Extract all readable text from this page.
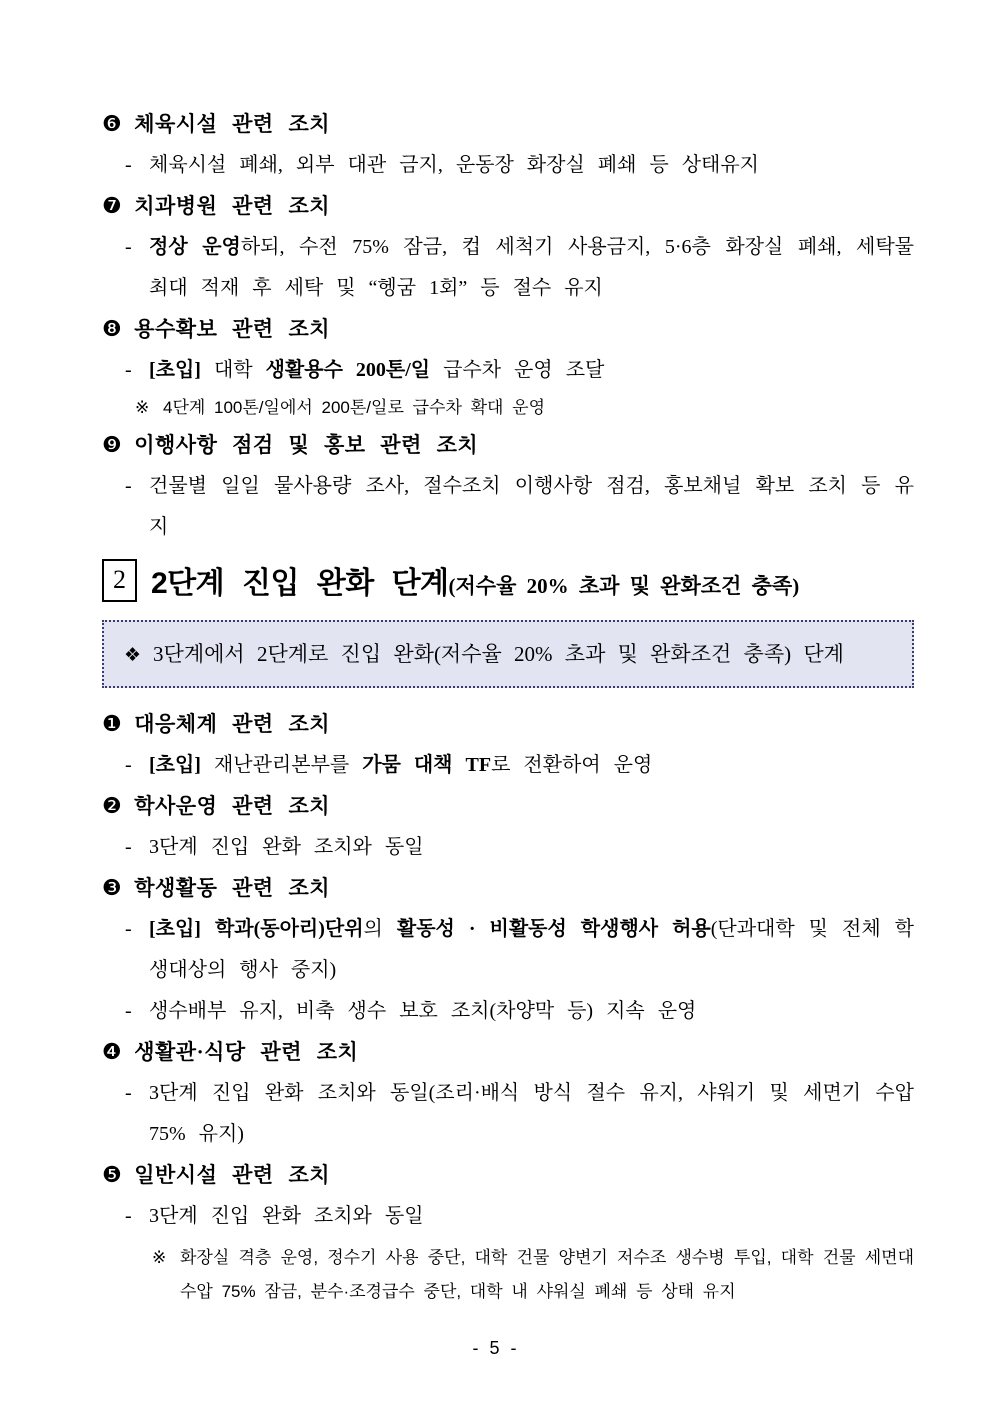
❻ 체육시설 관련 조치
- 체육시설 폐쇄, 외부 대관 금지, 운동장 화장실 폐쇄 등 상태유지
❼ 치과병원 관련 조치
- 정상 운영하되, 수전 75% 잠금, 컵 세척기 사용금지, 5·6층 화장실 폐쇄, 세탁물 최대 적재 후 세탁 및 “헹굼 1회” 등 절수 유지
❽ 용수확보 관련 조치
- [초입] 대학 생활용수 200톤/일 급수차 운영 조달
※ 4단계 100톤/일에서 200톤/일로 급수차 확대 운영
❾ 이행사항 점검 및 홍보 관련 조치
- 건물별 일일 물사용량 조사, 절수조치 이행사항 점검, 홍보채널 확보 조치 등 유지
2 2단계 진입 완화 단계(저수율 20% 초과 및 완화조건 충족)
❖ 3단계에서 2단계로 진입 완화(저수율 20% 초과 및 완화조건 충족) 단계
❶ 대응체계 관련 조치
- [초입] 재난관리본부를 가뭄 대책 TF로 전환하여 운영
❷ 학사운영 관련 조치
- 3단계 진입 완화 조치와 동일
❸ 학생활동 관련 조치
- [초입] 학과(동아리)단위의 활동성 · 비활동성 학생행사 허용(단과대학 및 전체 학생대상의 행사 중지)
- 생수배부 유지, 비축 생수 보호 조치(차양막 등) 지속 운영
❹ 생활관·식당 관련 조치
- 3단계 진입 완화 조치와 동일(조리·배식 방식 절수 유지, 샤워기 및 세면기 수압 75% 유지)
❺ 일반시설 관련 조치
- 3단계 진입 완화 조치와 동일
※ 화장실 격층 운영, 정수기 사용 중단, 대학 건물 양변기 저수조 생수병 투입, 대학 건물 세면대 수압 75% 잠금, 분수·조경급수 중단, 대학 내 샤워실 폐쇄 등 상태 유지
- 5 -
